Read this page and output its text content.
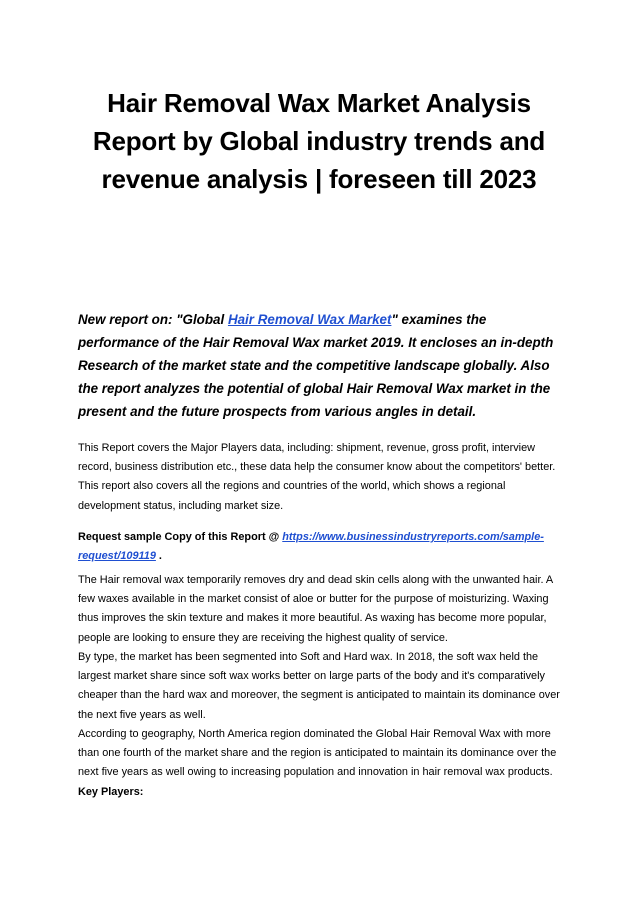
Hair Removal Wax Market Analysis Report by Global industry trends and revenue analysis | foreseen till 2023

New report on: "Global Hair Removal Wax Market" examines the performance of the Hair Removal Wax market 2019. It encloses an in-depth Research of the market state and the competitive landscape globally. Also the report analyzes the potential of global Hair Removal Wax market in the present and the future prospects from various angles in detail.

This Report covers the Major Players data, including: shipment, revenue, gross profit, interview record, business distribution etc., these data help the consumer know about the competitors' better. This report also covers all the regions and countries of the world, which shows a regional development status, including market size.

Request sample Copy of this Report @ https://www.businessindustryreports.com/sample-request/109119 .

The Hair removal wax temporarily removes dry and dead skin cells along with the unwanted hair. A few waxes available in the market consist of aloe or butter for the purpose of moisturizing. Waxing thus improves the skin texture and makes it more beautiful. As waxing has become more popular, people are looking to ensure they are receiving the highest quality of service.

By type, the market has been segmented into Soft and Hard wax. In 2018, the soft wax held the largest market share since soft wax works better on large parts of the body and it's comparatively cheaper than the hard wax and moreover, the segment is anticipated to maintain its dominance over the next five years as well.

According to geography, North America region dominated the Global Hair Removal Wax with more than one fourth of the market share and the region is anticipated to maintain its dominance over the next five years as well owing to increasing population and innovation in hair removal wax products.

Key Players:
